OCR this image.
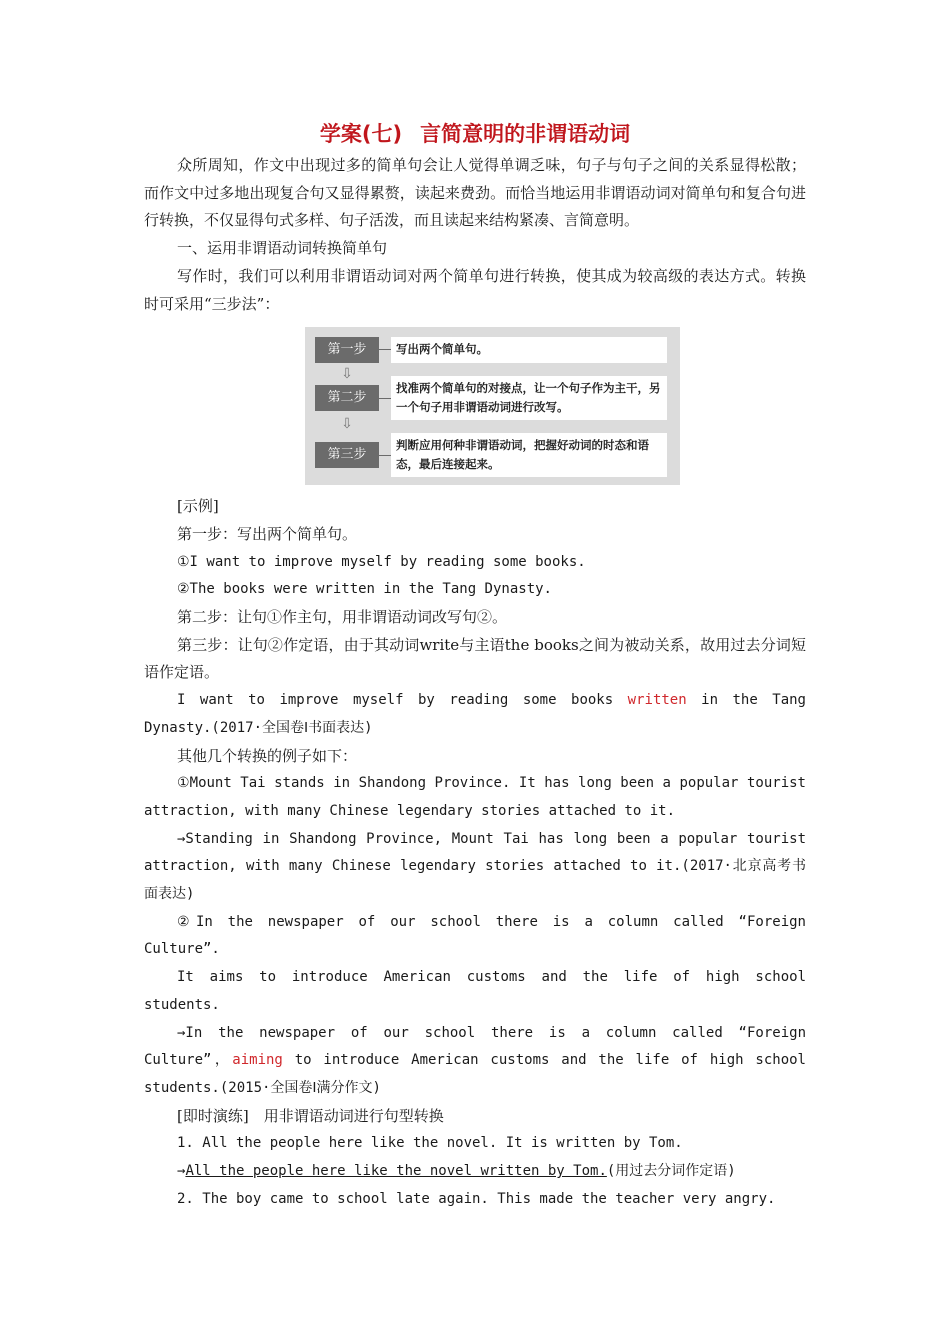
学案(七) 言简意明的非谓语动词

众所周知，作文中出现过多的简单句会让人觉得单调乏味，句子与句子之间的关系显得松散；而作文中过多地出现复合句又显得累赘，读起来费劲。而恰当地运用非谓语动词对简单句和复合句进行转换，不仅显得句式多样、句子活泼，而且读起来结构紧凑、言简意明。

一、运用非谓语动词转换简单句

写作时，我们可以利用非谓语动词对两个简单句进行转换，使其成为较高级的表达方式。转换时可采用“三步法”：

第一步	写出两个简单句。
⇩
第二步
找准两个简单句的对接点，让一个句子作为主干，另一个句子用非谓语动词进行改写。
⇩
第三步
判断应用何种非谓语动词，把握好动词的时态和语态，最后连接起来。

[示例]

第一步：写出两个简单句。

①I want to improve myself by reading some books.

②The books were written in the Tang Dynasty.

第二步：让句①作主句，用非谓语动词改写句②。

第三步：让句②作定语，由于其动词write与主语the books之间为被动关系，故用过去分词短语作定语。

I want to improve myself by reading some books written in the Tang Dynasty.(2017·全国卷Ⅰ书面表达)

其他几个转换的例子如下：

①Mount Tai stands in Shandong Province. It has long been a popular tourist attraction, with many Chinese legendary stories attached to it.

→Standing in Shandong Province, Mount Tai has long been a popular tourist attraction, with many Chinese legendary stories attached to it.(2017·北京高考书面表达)

②In the newspaper of our school there is a column called “Foreign Culture”.

It aims to introduce American customs and the life of high school students.

→In the newspaper of our school there is a column called “Foreign Culture”，aiming to introduce American customs and the life of high school students.(2015·全国卷Ⅰ满分作文)

[即时演练]　用非谓语动词进行句型转换

1. All the people here like the novel. It is written by Tom.

→All the people here like the novel written by Tom.(用过去分词作定语)

2. The boy came to school late again. This made the teacher very angry.
